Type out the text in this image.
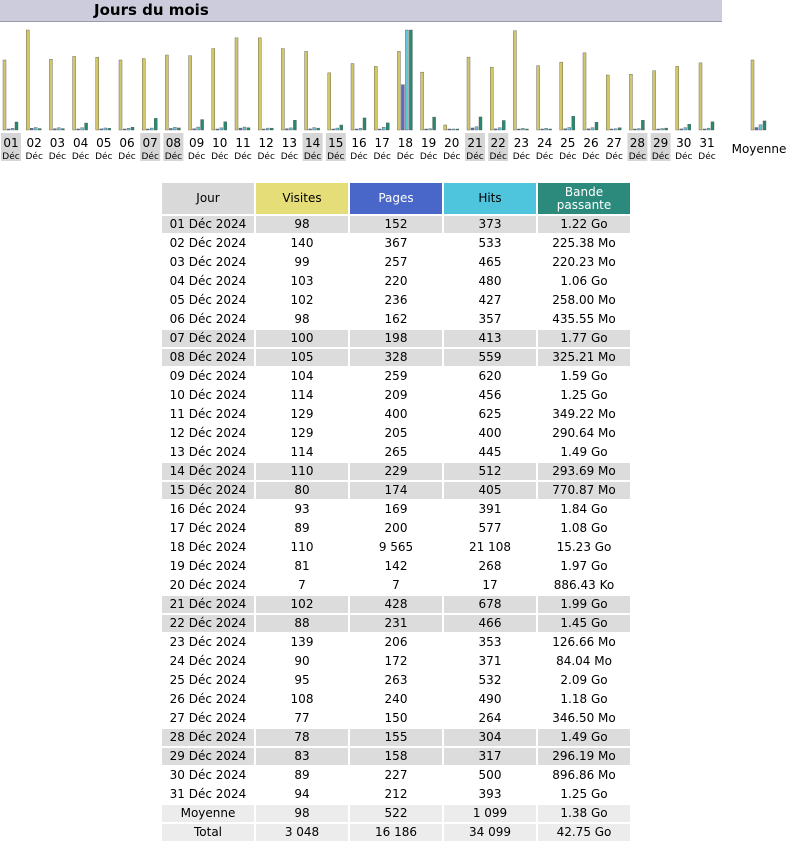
Jours du mois
01
Déc
02
Déc
03
Déc
04
Déc
05
Déc
06
Déc
07
Déc
08
Déc
09
Déc
10
Déc
11
Déc
12
Déc
13
Déc
14
Déc
15
Déc
16
Déc
17
Déc
18
Déc
19
Déc
20
Déc
21
Déc
22
Déc
23
Déc
24
Déc
25
Déc
26
Déc
27
Déc
28
Déc
29
Déc
30
Déc
31
Déc
Moyenne
Jour	Visites	Pages	Hits	Bande
passante
01 Déc 2024	98	152	373	1.22 Go
02 Déc 2024	140	367	533	225.38 Mo
03 Déc 2024	99	257	465	220.23 Mo
04 Déc 2024	103	220	480	1.06 Go
05 Déc 2024	102	236	427	258.00 Mo
06 Déc 2024	98	162	357	435.55 Mo
07 Déc 2024	100	198	413	1.77 Go
08 Déc 2024	105	328	559	325.21 Mo
09 Déc 2024	104	259	620	1.59 Go
10 Déc 2024	114	209	456	1.25 Go
11 Déc 2024	129	400	625	349.22 Mo
12 Déc 2024	129	205	400	290.64 Mo
13 Déc 2024	114	265	445	1.49 Go
14 Déc 2024	110	229	512	293.69 Mo
15 Déc 2024	80	174	405	770.87 Mo
16 Déc 2024	93	169	391	1.84 Go
17 Déc 2024	89	200	577	1.08 Go
18 Déc 2024	110	9 565	21 108	15.23 Go
19 Déc 2024	81	142	268	1.97 Go
20 Déc 2024	7	7	17	886.43 Ko
21 Déc 2024	102	428	678	1.99 Go
22 Déc 2024	88	231	466	1.45 Go
23 Déc 2024	139	206	353	126.66 Mo
24 Déc 2024	90	172	371	84.04 Mo
25 Déc 2024	95	263	532	2.09 Go
26 Déc 2024	108	240	490	1.18 Go
27 Déc 2024	77	150	264	346.50 Mo
28 Déc 2024	78	155	304	1.49 Go
29 Déc 2024	83	158	317	296.19 Mo
30 Déc 2024	89	227	500	896.86 Mo
31 Déc 2024	94	212	393	1.25 Go
Moyenne	98	522	1 099	1.38 Go
Total	3 048	16 186	34 099	42.75 Go
